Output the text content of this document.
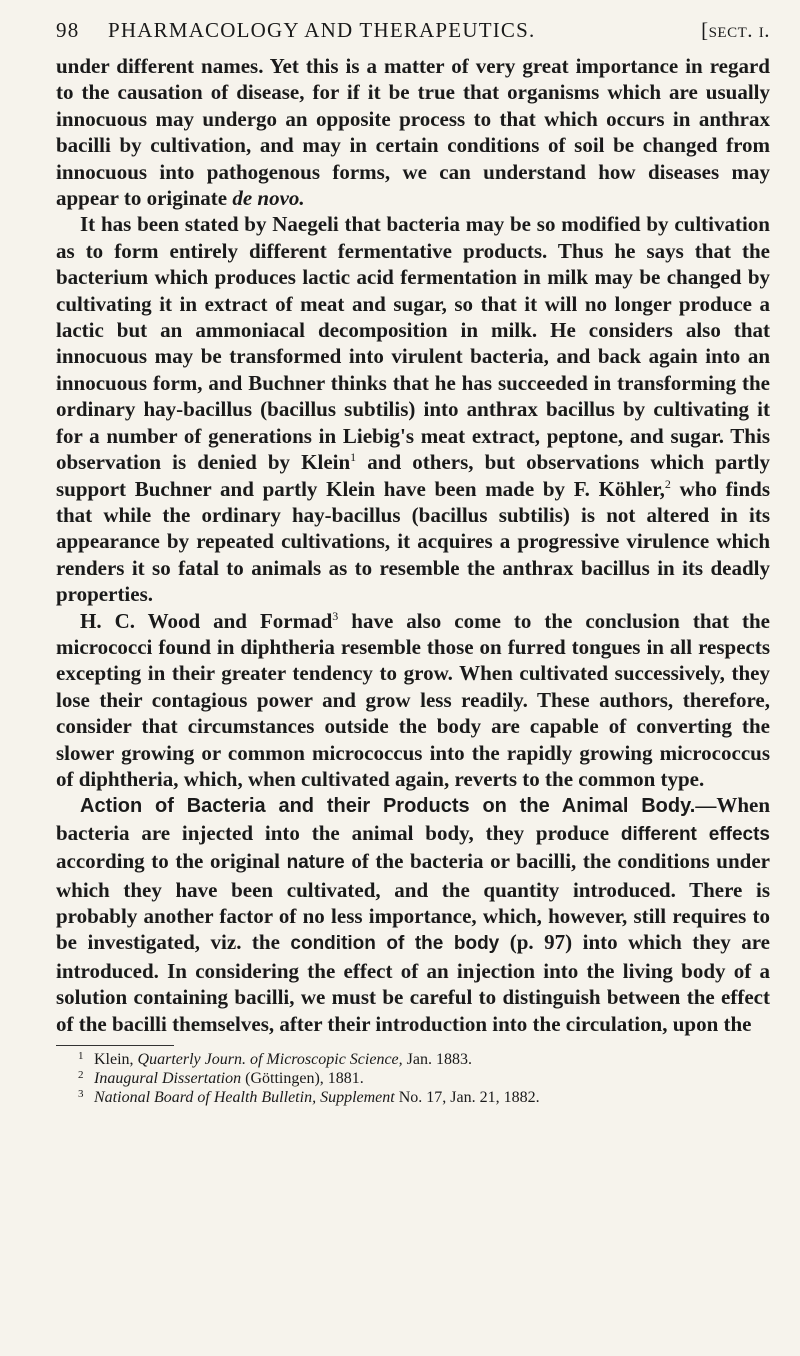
98	PHARMACOLOGY AND THERAPEUTICS.	[sect. i.

under different names. Yet this is a matter of very great importance in regard to the causation of disease, for if it be true that organisms which are usually innocuous may undergo an opposite process to that which occurs in anthrax bacilli by cultivation, and may in certain conditions of soil be changed from innocuous into pathogenous forms, we can understand how diseases may appear to originate de novo.

It has been stated by Naegeli that bacteria may be so modified by cultivation as to form entirely different fermentative products. Thus he says that the bacterium which produces lactic acid fermentation in milk may be changed by cultivating it in extract of meat and sugar, so that it will no longer produce a lactic but an ammoniacal decomposition in milk. He considers also that innocuous may be transformed into virulent bacteria, and back again into an innocuous form, and Buchner thinks that he has succeeded in transforming the ordinary hay-bacillus (bacillus subtilis) into anthrax bacillus by cultivating it for a number of generations in Liebig's meat extract, peptone, and sugar. This observation is denied by Klein$^1$ and others, but observations which partly support Buchner and partly Klein have been made by F. Köhler,$^2$ who finds that while the ordinary hay-bacillus (bacillus subtilis) is not altered in its appearance by repeated cultivations, it acquires a progressive virulence which renders it so fatal to animals as to resemble the anthrax bacillus in its deadly properties.

H. C. Wood and Formad$^3$ have also come to the conclusion that the micrococci found in diphtheria resemble those on furred tongues in all respects excepting in their greater tendency to grow. When cultivated successively, they lose their contagious power and grow less readily. These authors, therefore, consider that circumstances outside the body are capable of converting the slower growing or common micrococcus into the rapidly growing micrococcus of diphtheria, which, when cultivated again, reverts to the common type.

Action of Bacteria and their Products on the Animal Body.—When bacteria are injected into the animal body, they produce different effects according to the original nature of the bacteria or bacilli, the conditions under which they have been cultivated, and the quantity introduced. There is probably another factor of no less importance, which, however, still requires to be investigated, viz. the condition of the body (p. 97) into which they are introduced. In considering the effect of an injection into the living body of a solution containing bacilli, we must be careful to distinguish between the effect of the bacilli themselves, after their introduction into the circulation, upon the

1 Klein, Quarterly Journ. of Microscopic Science, Jan. 1883.
2 Inaugural Dissertation (Göttingen), 1881.
3 National Board of Health Bulletin, Supplement No. 17, Jan. 21, 1882.
